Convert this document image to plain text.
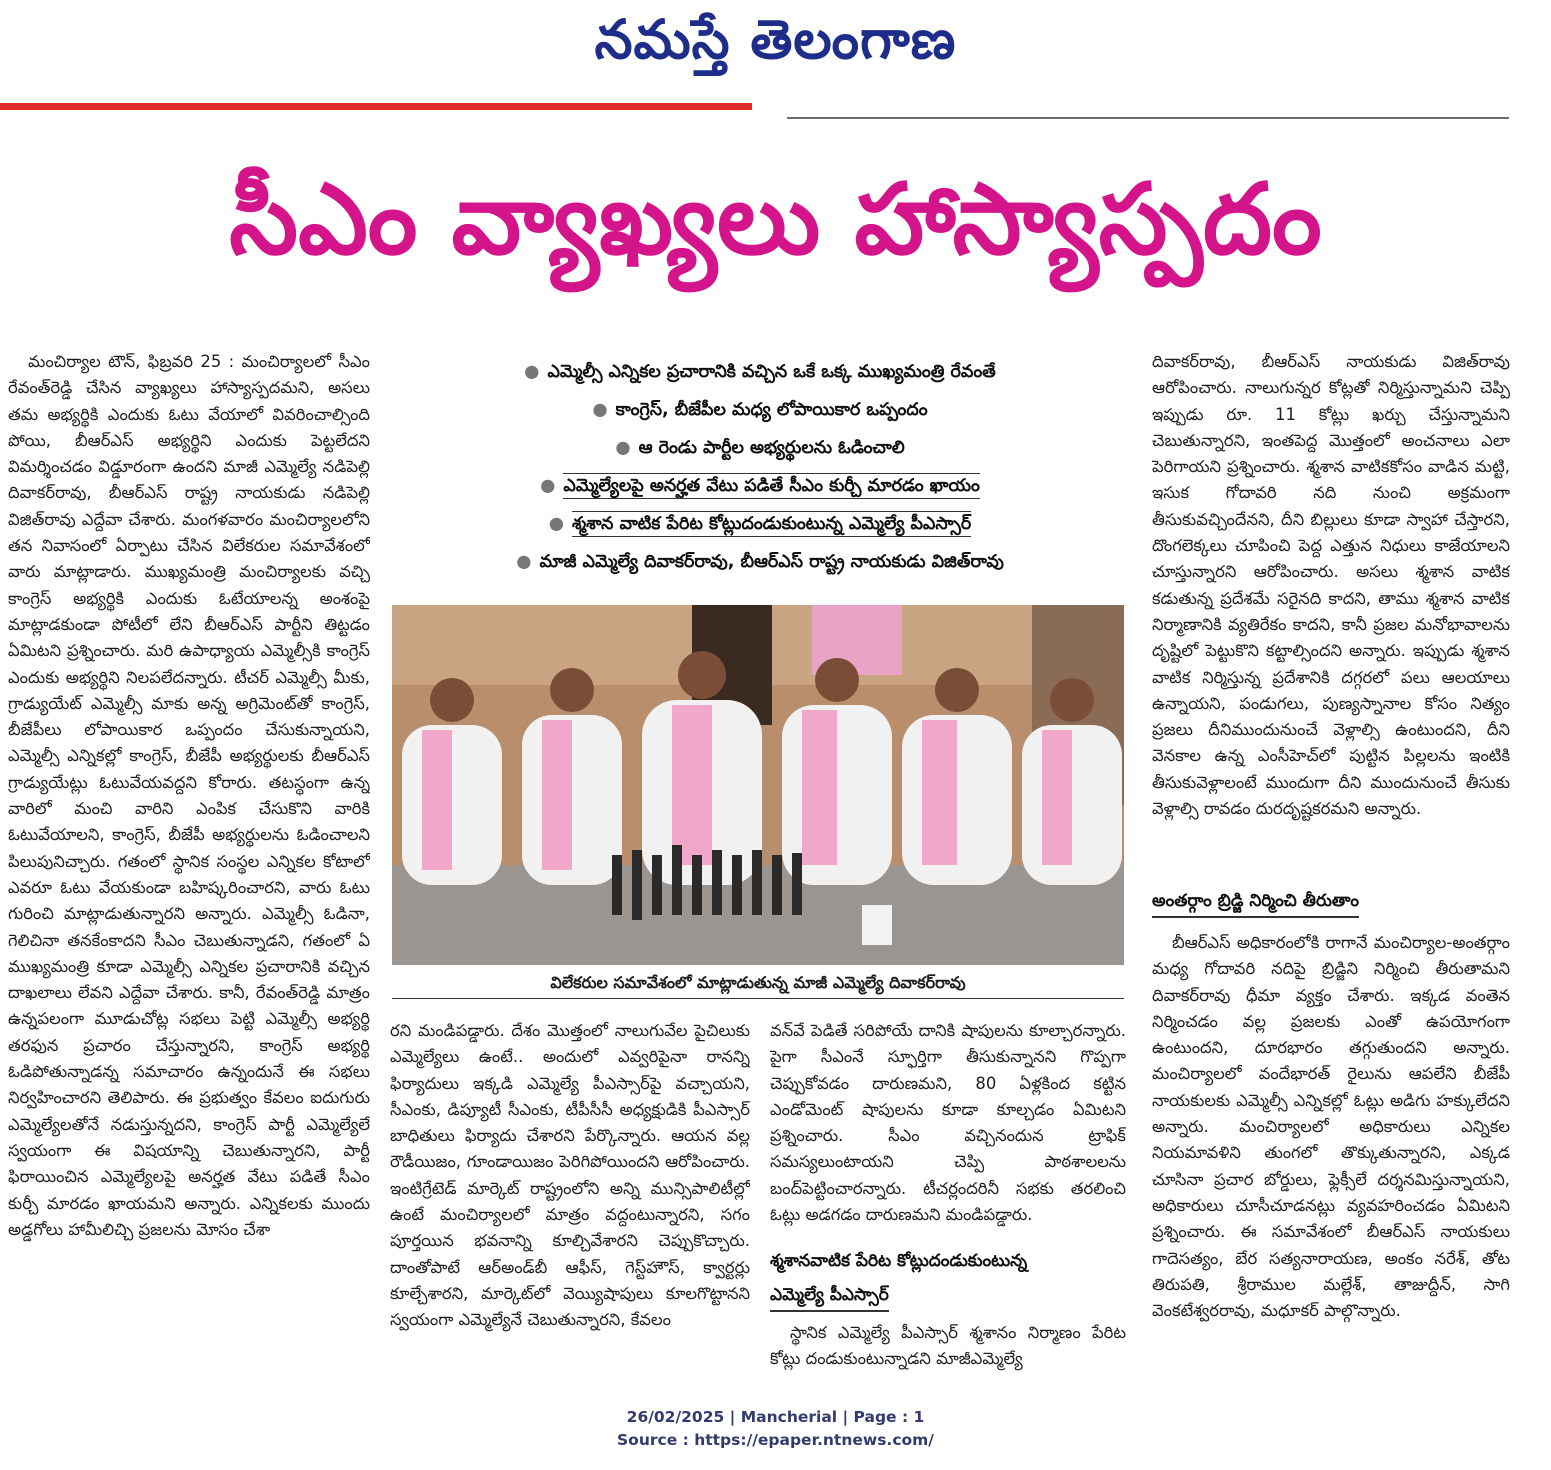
నమస్తే తెలంగాణ
సీఎం వ్యాఖ్యలు హాస్యాస్పదం

మంచిర్యాల టౌన్, ఫిబ్రవరి 25 : మంచిర్యాలలో సీఎం రేవంత్‌రెడ్డి చేసిన వ్యాఖ్యలు హాస్యాస్పదమని, అసలు తమ అభ్యర్థికి ఎందుకు ఓటు వేయాలో వివరించాల్సింది పోయి, బీఆర్‌ఎస్ అభ్యర్థిని ఎందుకు పెట్టలేదని విమర్శించడం విడ్డూరంగా ఉందని మాజీ ఎమ్మెల్యే నడిపెల్లి దివాకర్‌రావు, బీఆర్‌ఎస్ రాష్ట్ర నాయకుడు నడిపెల్లి విజిత్‌రావు ఎద్దేవా చేశారు. మంగళవారం మంచిర్యాలలోని తన నివాసంలో ఏర్పాటు చేసిన విలేకరుల సమావేశంలో వారు మాట్లాడారు. ముఖ్యమంత్రి మంచిర్యాలకు వచ్చి కాంగ్రెస్ అభ్యర్థికి ఎందుకు ఓటేయాలన్న అంశంపై మాట్లాడకుండా పోటీలో లేని బీఆర్‌ఎస్ పార్టీని తిట్టడం ఏమిటని ప్రశ్నించారు. మరి ఉపాధ్యాయ ఎమ్మెల్సీకి కాంగ్రెస్ ఎందుకు అభ్యర్థిని నిలపలేదన్నారు. టీచర్ ఎమ్మెల్సీ మీకు, గ్రాడ్యుయేట్ ఎమ్మెల్సీ మాకు అన్న అగ్రిమెంట్‌తో కాంగ్రెస్, బీజేపీలు లోపాయికార ఒప్పందం చేసుకున్నాయని, ఎమ్మెల్సీ ఎన్నికల్లో కాంగ్రెస్, బీజేపీ అభ్యర్థులకు బీఆర్‌ఎస్ గ్రాడ్యుయేట్లు ఓటువేయవద్దని కోరారు. తటస్థంగా ఉన్న వారిలో మంచి వారిని ఎంపిక చేసుకొని వారికి ఓటువేయాలని, కాంగ్రెస్, బీజేపీ అభ్యర్థులను ఓడించాలని పిలుపునిచ్చారు. గతంలో స్థానిక సంస్థల ఎన్నికల కోటాలో ఎవరూ ఓటు వేయకుండా బహిష్కరించారని, వారు ఓటు గురించి మాట్లాడుతున్నారని అన్నారు. ఎమ్మెల్సీ ఓడినా, గెలిచినా తనకేంకాదని సీఎం చెబుతున్నాడని, గతంలో ఏ ముఖ్యమంత్రి కూడా ఎమ్మెల్సీ ఎన్నికల ప్రచారానికి వచ్చిన దాఖలాలు లేవని ఎద్దేవా చేశారు. కానీ, రేవంత్‌రెడ్డి మాత్రం ఉన్నపలంగా మూడుచోట్ల సభలు పెట్టి ఎమ్మెల్సీ అభ్యర్థి తరఫున ప్రచారం చేస్తున్నారని, కాంగ్రెస్ అభ్యర్థి ఓడిపోతున్నాడన్న సమాచారం ఉన్నందునే ఈ సభలు నిర్వహించారని తెలిపారు. ఈ ప్రభుత్వం కేవలం ఐదుగురు ఎమ్మెల్యేలతోనే నడుస్తున్నదని, కాంగ్రెస్ పార్టీ ఎమ్మెల్యేలే స్వయంగా ఈ విషయాన్ని చెబుతున్నారని, పార్టీ ఫిరాయించిన ఎమ్మెల్యేలపై అనర్హత వేటు పడితే సీఎం కుర్చీ మారడం ఖాయమని అన్నారు. ఎన్నికలకు ముందు అడ్డగోలు హామీలిచ్చి ప్రజలను మోసం చేశా

● ఎమ్మెల్సీ ఎన్నికల ప్రచారానికి వచ్చిన ఒకే ఒక్క ముఖ్యమంత్రి రేవంతే
● కాంగ్రెస్, బీజేపీల మధ్య లోపాయికార ఒప్పందం
● ఆ రెండు పార్టీల అభ్యర్థులను ఓడించాలి
● ఎమ్మెల్యేలపై అనర్హత వేటు పడితే సీఎం కుర్చీ మారడం ఖాయం
● శ్మశాన వాటిక పేరిట కోట్లుదండుకుంటున్న ఎమ్మెల్యే పీఎస్సార్
● మాజీ ఎమ్మెల్యే దివాకర్‌రావు, బీఆర్‌ఎస్ రాష్ట్ర నాయకుడు విజిత్‌రావు
విలేకరుల సమావేశంలో మాట్లాడుతున్న మాజీ ఎమ్మెల్యే దివాకర్‌రావు

రని మండిపడ్డారు. దేశం మొత్తంలో నాలుగువేల పైచిలుకు ఎమ్మెల్యేలు ఉంటే.. అందులో ఎవ్వరిపైనా రానన్ని ఫిర్యాదులు ఇక్కడి ఎమ్మెల్యే పీఎస్సార్‌పై వచ్చాయని, సీఎంకు, డిప్యూటీ సీఎంకు, టీపీసీసీ అధ్యక్షుడికి పీఎస్సార్ బాధితులు ఫిర్యాదు చేశారని పేర్కొన్నారు. ఆయన వల్ల రౌడీయిజం, గూండాయిజం పెరిగిపోయిందని ఆరోపించారు. ఇంటిగ్రేటెడ్ మార్కెట్ రాష్ట్రంలోని అన్ని మున్సిపాలిటీల్లో ఉంటే మంచిర్యాలలో మాత్రం వద్దంటున్నారని, సగం పూర్తయిన భవనాన్ని కూల్చివేశారని చెప్పుకొచ్చారు. దాంతోపాటే ఆర్‌అండ్‌బీ ఆఫీస్, గెస్ట్‌హౌస్, క్వార్టర్లు కూల్చేశారని, మార్కెట్‌లో వెయ్యిషాపులు కూలగొట్టానని స్వయంగా ఎమ్మెల్యేనే చెబుతున్నారని, కేవలం

వన్‌వే పెడితే సరిపోయే దానికి షాపులను కూల్చారన్నారు. పైగా సీఎంనే స్ఫూర్తిగా తీసుకున్నానని గొప్పగా చెప్పుకోవడం దారుణమని, 80 ఏళ్లకింద కట్టిన ఎండోమెంట్ షాపులను కూడా కూల్చడం ఏమిటని ప్రశ్నించారు. సీఎం వచ్చినందున ట్రాఫిక్ సమస్యలుంటాయని చెప్పి పాఠశాలలను బంద్‌పెట్టించారన్నారు. టీచర్లందరినీ సభకు తరలించి ఓట్లు అడగడం దారుణమని మండిపడ్డారు.

శ్మశానవాటిక పేరిట కోట్లుదండుకుంటున్న
ఎమ్మెల్యే పీఎస్సార్

స్థానిక ఎమ్మెల్యే పీఎస్సార్ శ్మశానం నిర్మాణం పేరిట కోట్లు దండుకుంటున్నాడని మాజీఎమ్మెల్యే

దివాకర్‌రావు, బీఆర్‌ఎస్ నాయకుడు విజిత్‌రావు ఆరోపించారు. నాలుగున్నర కోట్లతో నిర్మిస్తున్నామని చెప్పి ఇప్పుడు రూ. 11 కోట్లు ఖర్చు చేస్తున్నామని చెబుతున్నారని, ఇంతపెద్ద మొత్తంలో అంచనాలు ఎలా పెరిగాయని ప్రశ్నించారు. శ్మశాన వాటికకోసం వాడిన మట్టి, ఇసుక గోదావరి నది నుంచి అక్రమంగా తీసుకువచ్చిందేనని, దీని బిల్లులు కూడా స్వాహా చేస్తారని, దొంగలెక్కలు చూపించి పెద్ద ఎత్తున నిధులు కాజేయాలని చూస్తున్నారని ఆరోపించారు. అసలు శ్మశాన వాటిక కడుతున్న ప్రదేశమే సరైనది కాదని, తాము శ్మశాన వాటిక నిర్మాణానికి వ్యతిరేకం కాదని, కానీ ప్రజల మనోభావాలను దృష్టిలో పెట్టుకొని కట్టాల్సిందని అన్నారు. ఇప్పుడు శ్మశాన వాటిక నిర్మిస్తున్న ప్రదేశానికి దగ్గరలో పలు ఆలయాలు ఉన్నాయని, పండుగలు, పుణ్యస్నానాల కోసం నిత్యం ప్రజలు దీనిముందునుంచే వెళ్లాల్సి ఉంటుందని, దీని వెనకాల ఉన్న ఎంసీహెచ్‌లో పుట్టిన పిల్లలను ఇంటికి తీసుకువెళ్లాలంటే ముందుగా దీని ముందునుంచే తీసుకు వెళ్లాల్సి రావడం దురదృష్టకరమని అన్నారు.

అంతర్గాం బ్రిడ్జి నిర్మించి తీరుతాం

బీఆర్‌ఎస్ అధికారంలోకి రాగానే మంచిర్యాల-అంతర్గాం మధ్య గోదావరి నదిపై బ్రిడ్జిని నిర్మించి తీరుతామని దివాకర్‌రావు ధీమా వ్యక్తం చేశారు. ఇక్కడ వంతెన నిర్మించడం వల్ల ప్రజలకు ఎంతో ఉపయోగంగా ఉంటుందని, దూరభారం తగ్గుతుందని అన్నారు. మంచిర్యాలలో వందేభారత్ రైలును ఆపలేని బీజేపీ నాయకులకు ఎమ్మెల్సీ ఎన్నికల్లో ఓట్లు అడిగు హక్కులేదని అన్నారు. మంచిర్యాలలో అధికారులు ఎన్నికల నియమావళిని తుంగలో తొక్కుతున్నారని, ఎక్కడ చూసినా ప్రచార బోర్డులు, ఫ్లెక్సీలే దర్శనమిస్తున్నాయని, అధికారులు చూసీచూడనట్లు వ్యవహరించడం ఏమిటని ప్రశ్నించారు. ఈ సమావేశంలో బీఆర్‌ఎస్ నాయకులు గాదెసత్యం, బేర సత్యనారాయణ, అంకం నరేశ్, తోట తిరుపతి, శ్రీరాముల మల్లేశ్, తాజుద్దీన్, సాగి వెంకటేశ్వరరావు, మధూకర్ పాల్గొన్నారు.

26/02/2025 | Mancherial | Page : 1
Source : https://epaper.ntnews.com/
